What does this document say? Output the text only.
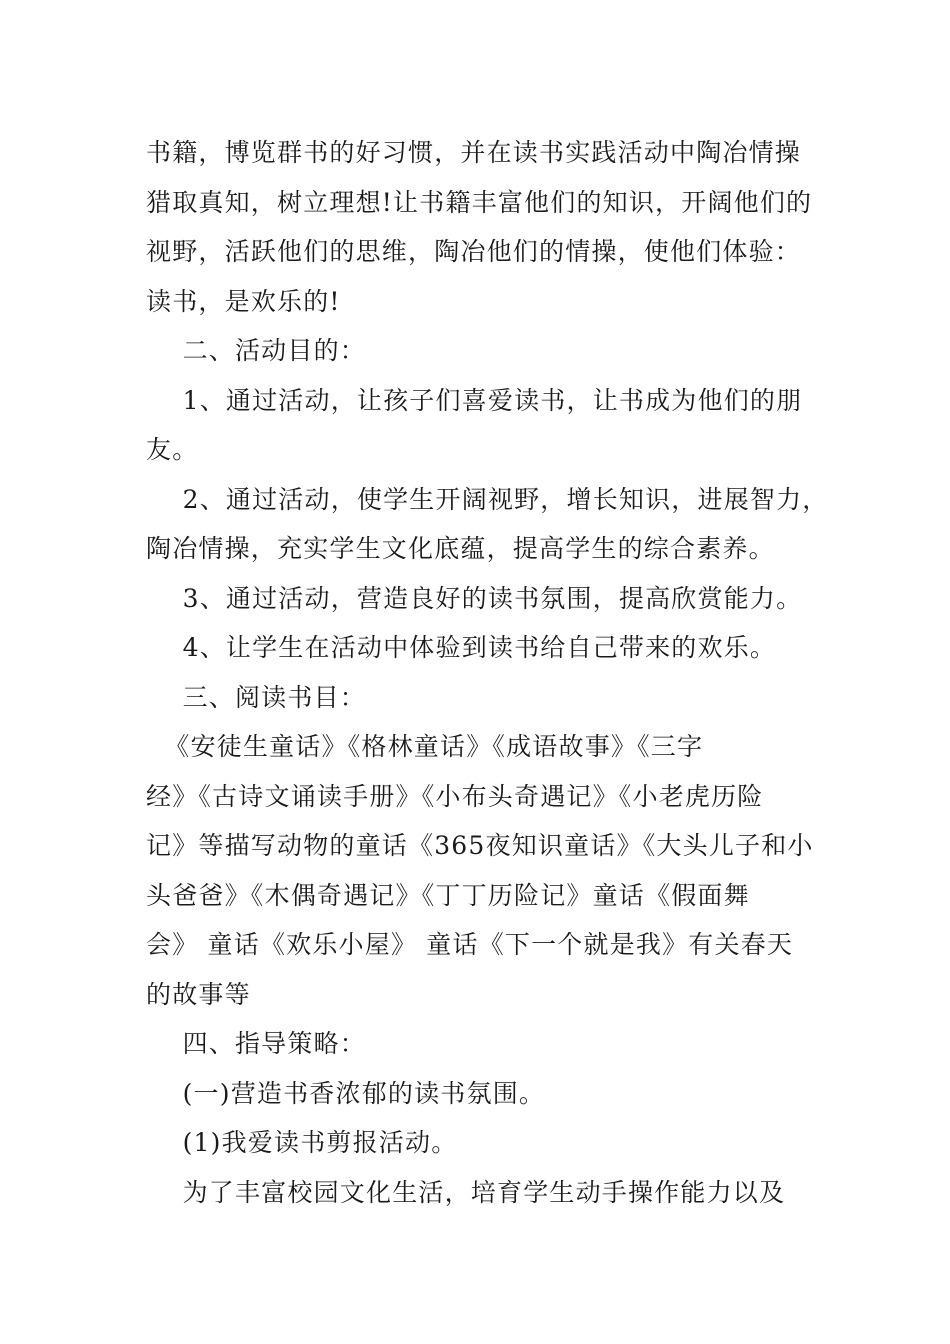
书籍，博览群书的好习惯，并在读书实践活动中陶冶情操
猎取真知，树立理想!让书籍丰富他们的知识，开阔他们的
视野，活跃他们的思维，陶冶他们的情操，使他们体验：
读书，是欢乐的!
二、活动目的：
1、通过活动，让孩子们喜爱读书，让书成为他们的朋
友。
2、通过活动，使学生开阔视野，增长知识，进展智力，
陶冶情操，充实学生文化底蕴，提高学生的综合素养。
3、通过活动，营造良好的读书氛围，提高欣赏能力。
4、让学生在活动中体验到读书给自己带来的欢乐。
三、阅读书目：
《安徒生童话》《格林童话》《成语故事》《三字
经》《古诗文诵读手册》《小布头奇遇记》《小老虎历险
记》等描写动物的童话《365夜知识童话》《大头儿子和小
头爸爸》《木偶奇遇记》《丁丁历险记》童话《假面舞
会》 童话《欢乐小屋》 童话《下一个就是我》有关春天
的故事等
四、指导策略：
(一)营造书香浓郁的读书氛围。
(1)我爱读书剪报活动。
为了丰富校园文化生活，培育学生动手操作能力以及
